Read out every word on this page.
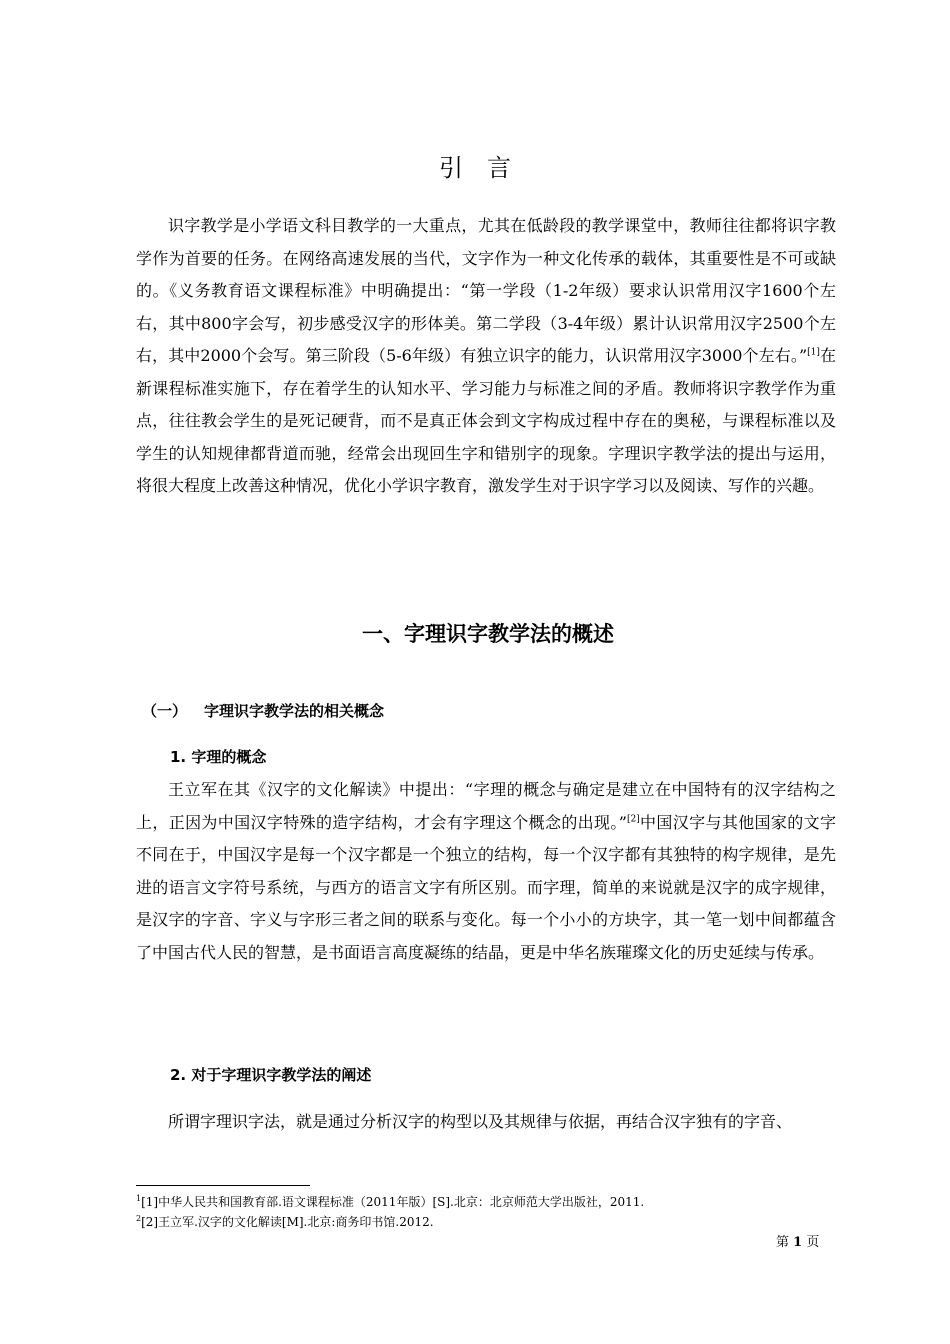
引言

识字教学是小学语文科目教学的一大重点，尤其在低龄段的教学课堂中，教师往往都将识字教学作为首要的任务。在网络高速发展的当代，文字作为一种文化传承的载体，其重要性是不可或缺的。《义务教育语文课程标准》中明确提出：“第一学段（1-2年级）要求认识常用汉字1600个左右，其中800字会写，初步感受汉字的形体美。第二学段（3-4年级）累计认识常用汉字2500个左右，其中2000个会写。第三阶段（5-6年级）有独立识字的能力，认识常用汉字3000个左右。”[1]在新课程标准实施下，存在着学生的认知水平、学习能力与标准之间的矛盾。教师将识字教学作为重点，往往教会学生的是死记硬背，而不是真正体会到文字构成过程中存在的奥秘，与课程标准以及学生的认知规律都背道而驰，经常会出现回生字和错别字的现象。字理识字教学法的提出与运用，将很大程度上改善这种情况，优化小学识字教育，激发学生对于识字学习以及阅读、写作的兴趣。

一、字理识字教学法的概述
（一） 字理识字教学法的相关概念
1. 字理的概念

王立军在其《汉字的文化解读》中提出：“字理的概念与确定是建立在中国特有的汉字结构之上，正因为中国汉字特殊的造字结构，才会有字理这个概念的出现。”[2]中国汉字与其他国家的文字不同在于，中国汉字是每一个汉字都是一个独立的结构，每一个汉字都有其独特的构字规律，是先进的语言文字符号系统，与西方的语言文字有所区别。而字理，简单的来说就是汉字的成字规律，是汉字的字音、字义与字形三者之间的联系与变化。每一个小小的方块字，其一笔一划中间都蕴含了中国古代人民的智慧，是书面语言高度凝练的结晶，更是中华名族璀璨文化的历史延续与传承。

2. 对于字理识字教学法的阐述

所谓字理识字法，就是通过分析汉字的构型以及其规律与依据，再结合汉字独有的字音、

$^1$[1]中华人民共和国教育部.语文课程标准（2011年版）[S].北京：北京师范大学出版社，2011.
$^2$[2]王立军.汉字的文化解读[M].北京:商务印书馆.2012.
第 1 页
